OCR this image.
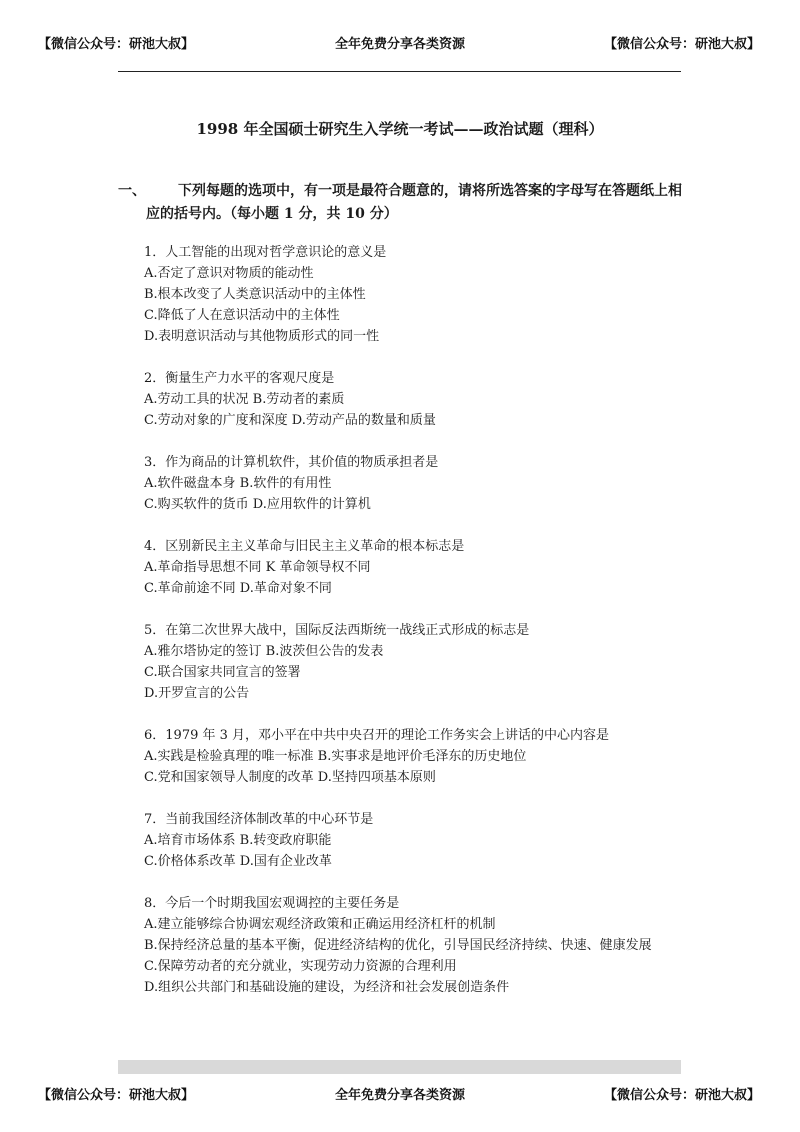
【微信公众号：研池大叔】	全年免费分享各类资源	【微信公众号：研池大叔】
1998 年全国硕士研究生入学统一考试——政治试题（理科）
一、	下列每题的选项中，有一项是最符合题意的，请将所选答案的字母写在答题纸上相应的括号内。（每小题 1 分，共 10 分）
1．人工智能的出现对哲学意识论的意义是
A.否定了意识对物质的能动性
B.根本改变了人类意识活动中的主体性
C.降低了人在意识活动中的主体性
D.表明意识活动与其他物质形式的同一性
2．衡量生产力水平的客观尺度是
A.劳动工具的状况 B.劳动者的素质
C.劳动对象的广度和深度 D.劳动产品的数量和质量
3．作为商品的计算机软件，其价值的物质承担者是
A.软件磁盘本身 B.软件的有用性
C.购买软件的货币 D.应用软件的计算机
4．区别新民主主义革命与旧民主主义革命的根本标志是
A.革命指导思想不同 K 革命领导权不同
C.革命前途不同 D.革命对象不同
5．在第二次世界大战中，国际反法西斯统一战线正式形成的标志是
A.雅尔塔协定的签订 B.波茨但公告的发表
C.联合国家共同宣言的签署
D.开罗宣言的公告
6．1979 年 3 月，邓小平在中共中央召开的理论工作务实会上讲话的中心内容是
A.实践是检验真理的唯一标准 B.实事求是地评价毛泽东的历史地位
C.党和国家领导人制度的改革 D.坚持四项基本原则
7．当前我国经济体制改革的中心环节是
A.培育市场体系 B.转变政府职能
C.价格体系改革 D.国有企业改革
8．今后一个时期我国宏观调控的主要任务是
A.建立能够综合协调宏观经济政策和正确运用经济杠杆的机制
B.保持经济总量的基本平衡，促进经济结构的优化，引导国民经济持续、快速、健康发展
C.保障劳动者的充分就业，实现劳动力资源的合理利用
D.组织公共部门和基础设施的建设，为经济和社会发展创造条件
【微信公众号：研池大叔】	全年免费分享各类资源	【微信公众号：研池大叔】
